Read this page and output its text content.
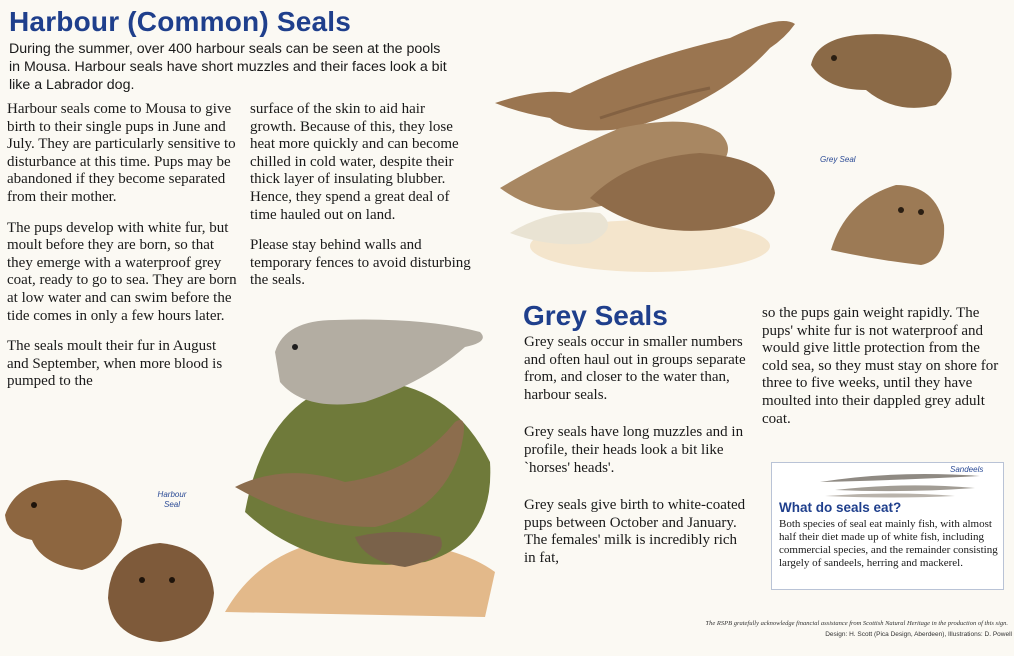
Harbour (Common) Seals
During the summer, over 400 harbour seals can be seen at the pools in Mousa. Harbour seals have short muzzles and their faces look a bit like a Labrador dog.

Harbour seals come to Mousa to give birth to their single pups in June and July. They are particularly sensitive to disturbance at this time. Pups may be abandoned if they become separated from their mother.

The pups develop with white fur, but moult before they are born, so that they emerge with a waterproof grey coat, ready to go to sea. They are born at low water and can swim before the tide comes in only a few hours later.

The seals moult their fur in August and September, when more blood is pumped to the

surface of the skin to aid hair growth. Because of this, they lose heat more quickly and can become chilled in cold water, despite their thick layer of insulating blubber. Hence, they spend a great deal of time hauled out on land.

Please stay behind walls and temporary fences to avoid disturbing the seals.

Grey Seal
Grey Seals

Grey seals occur in smaller numbers and often haul out in groups separate from, and closer to the water than, harbour seals.

Grey seals have long muzzles and in profile, their heads look a bit like `horses' heads'.

Grey seals give birth to white-coated pups between October and January. The females' milk is incredibly rich in fat,

so the pups gain weight rapidly. The pups' white fur is not waterproof and would give little protection from the cold sea, so they must stay on shore for three to five weeks, until they have moulted into their dappled grey adult coat.

Harbour
Seal
Sandeels
What do seals eat?
Both species of seal eat mainly fish, with almost half their diet made up of white fish, including commercial species, and the remainder consisting largely of sandeels, herring and mackerel.
The RSPB gratefully acknowledge financial assistance from Scottish Natural Heritage in the production of this sign.
Design: H. Scott (Pica Design, Aberdeen), Illustrations: D. Powell
